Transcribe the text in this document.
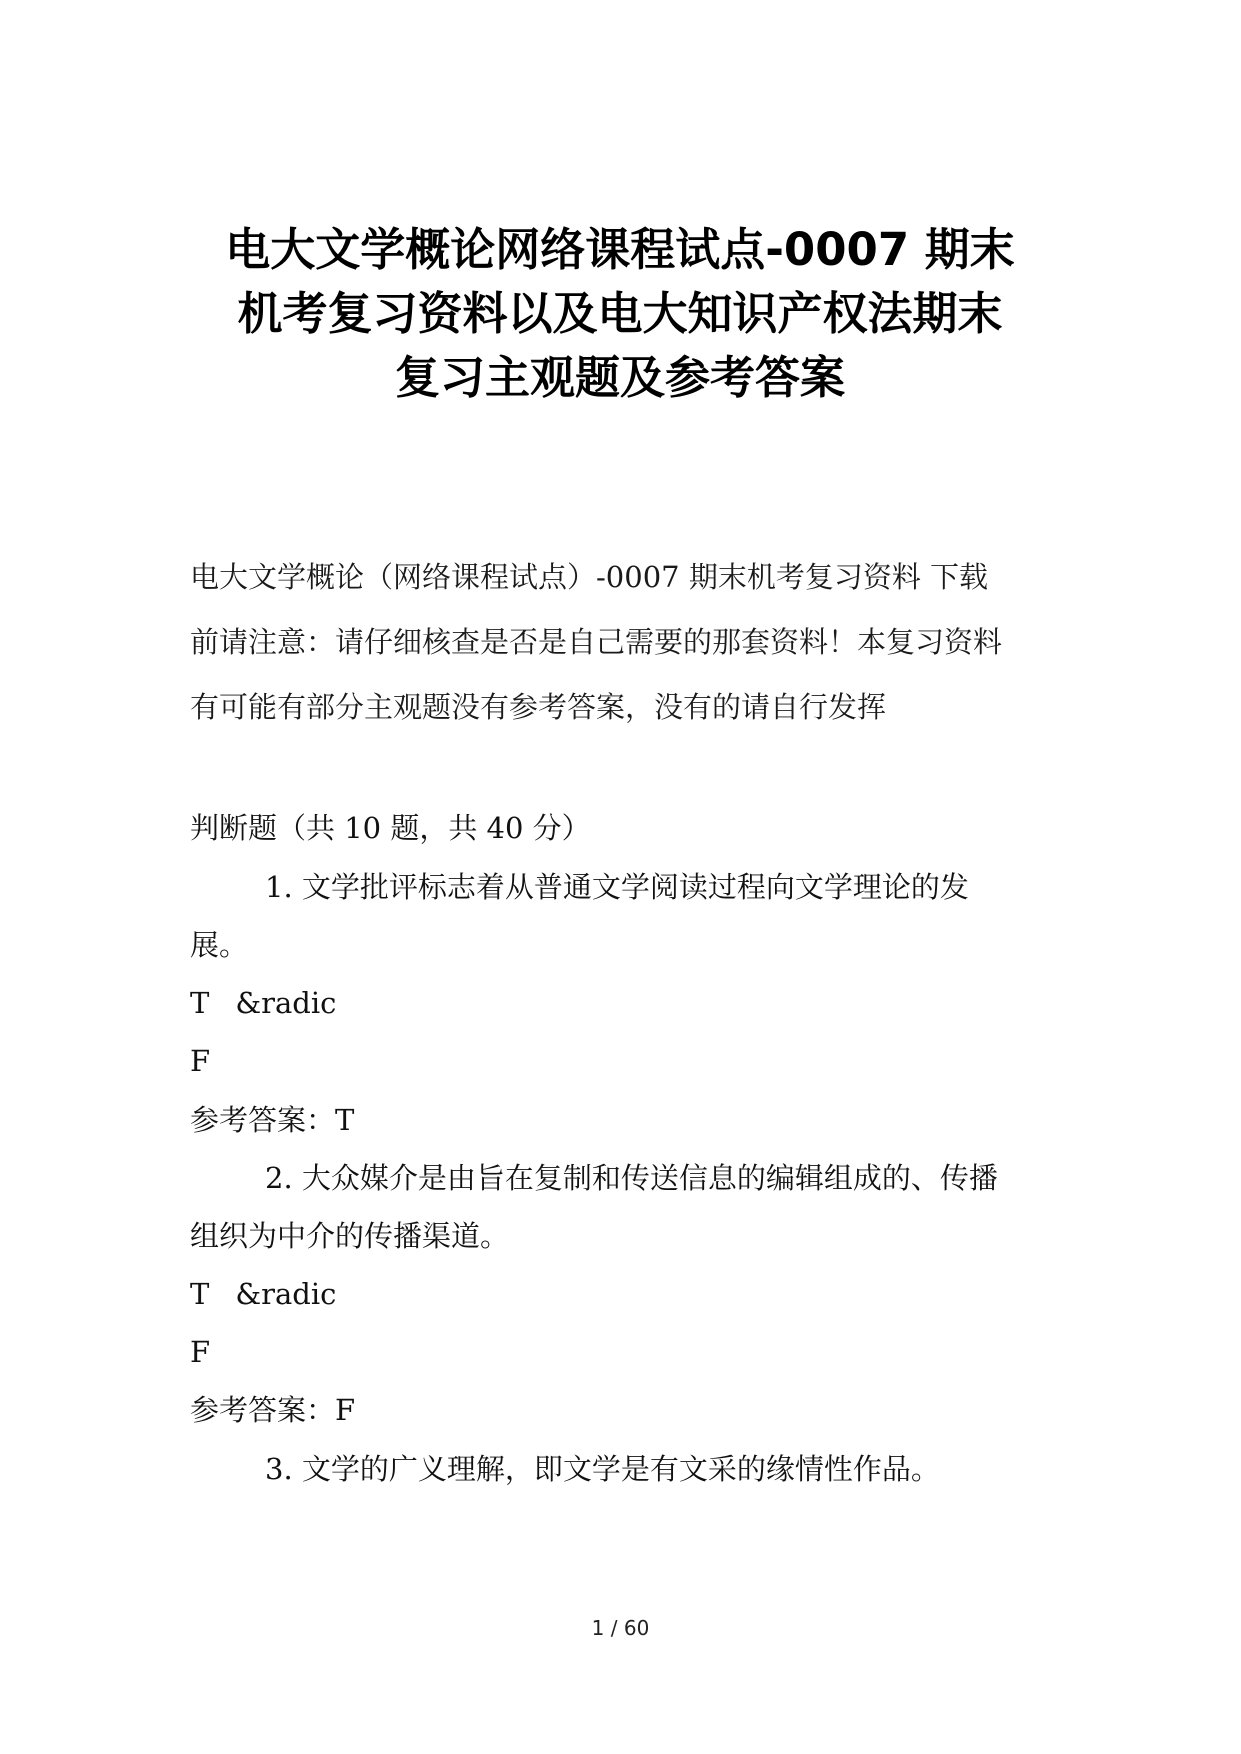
电大文学概论网络课程试点-0007 期末
机考复习资料以及电大知识产权法期末
复习主观题及参考答案
电大文学概论（网络课程试点）-0007 期末机考复习资料 下载
前请注意：请仔细核查是否是自己需要的那套资料！本复习资料
有可能有部分主观题没有参考答案，没有的请自行发挥
判断题（共 10 题，共 40 分）
1. 文学批评标志着从普通文学阅读过程向文学理论的发
展。
T &radic
F
参考答案：T
2. 大众媒介是由旨在复制和传送信息的编辑组成的、传播
组织为中介的传播渠道。
T &radic
F
参考答案：F
3. 文学的广义理解，即文学是有文采的缘情性作品。
1 / 60
